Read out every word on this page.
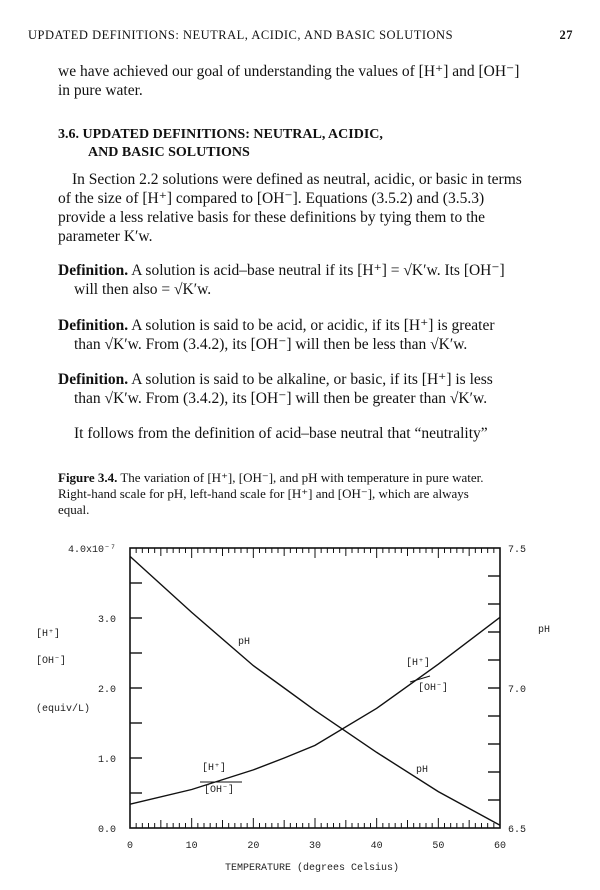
UPDATED DEFINITIONS: NEUTRAL, ACIDIC, AND BASIC SOLUTIONS	27
we have achieved our goal of understanding the values of [H⁺] and [OH⁻]
in pure water.
3.6. UPDATED DEFINITIONS: NEUTRAL, ACIDIC,
AND BASIC SOLUTIONS
In Section 2.2 solutions were defined as neutral, acidic, or basic in terms
of the size of [H⁺] compared to [OH⁻]. Equations (3.5.2) and (3.5.3)
provide a less relative basis for these definitions by tying them to the
parameter K′w.
Definition. A solution is acid–base neutral if its [H⁺] = √K′w. Its [OH⁻]
will then also = √K′w.
Definition. A solution is said to be acid, or acidic, if its [H⁺] is greater
than √K′w. From (3.4.2), its [OH⁻] will then be less than √K′w.
Definition. A solution is said to be alkaline, or basic, if its [H⁺] is less
than √K′w. From (3.4.2), its [OH⁻] will then be greater than √K′w.
It follows from the definition of acid–base neutral that “neutrality”
Figure 3.4. The variation of [H⁺], [OH⁻], and pH with temperature in pure water.
Right-hand scale for pH, left-hand scale for [H⁺] and [OH⁻], which are always
equal.
0	10	20	30	40	50	60
0.0
1.0
2.0
3.0
4.0x10⁻⁷
6.5
7.0
7.5
[H⁺]
[OH⁻]
(equiv/L)
pH
TEMPERATURE (degrees Celsius)
pH
[H⁺]
[OH⁻]
[H⁺]
[OH⁻]
pH
